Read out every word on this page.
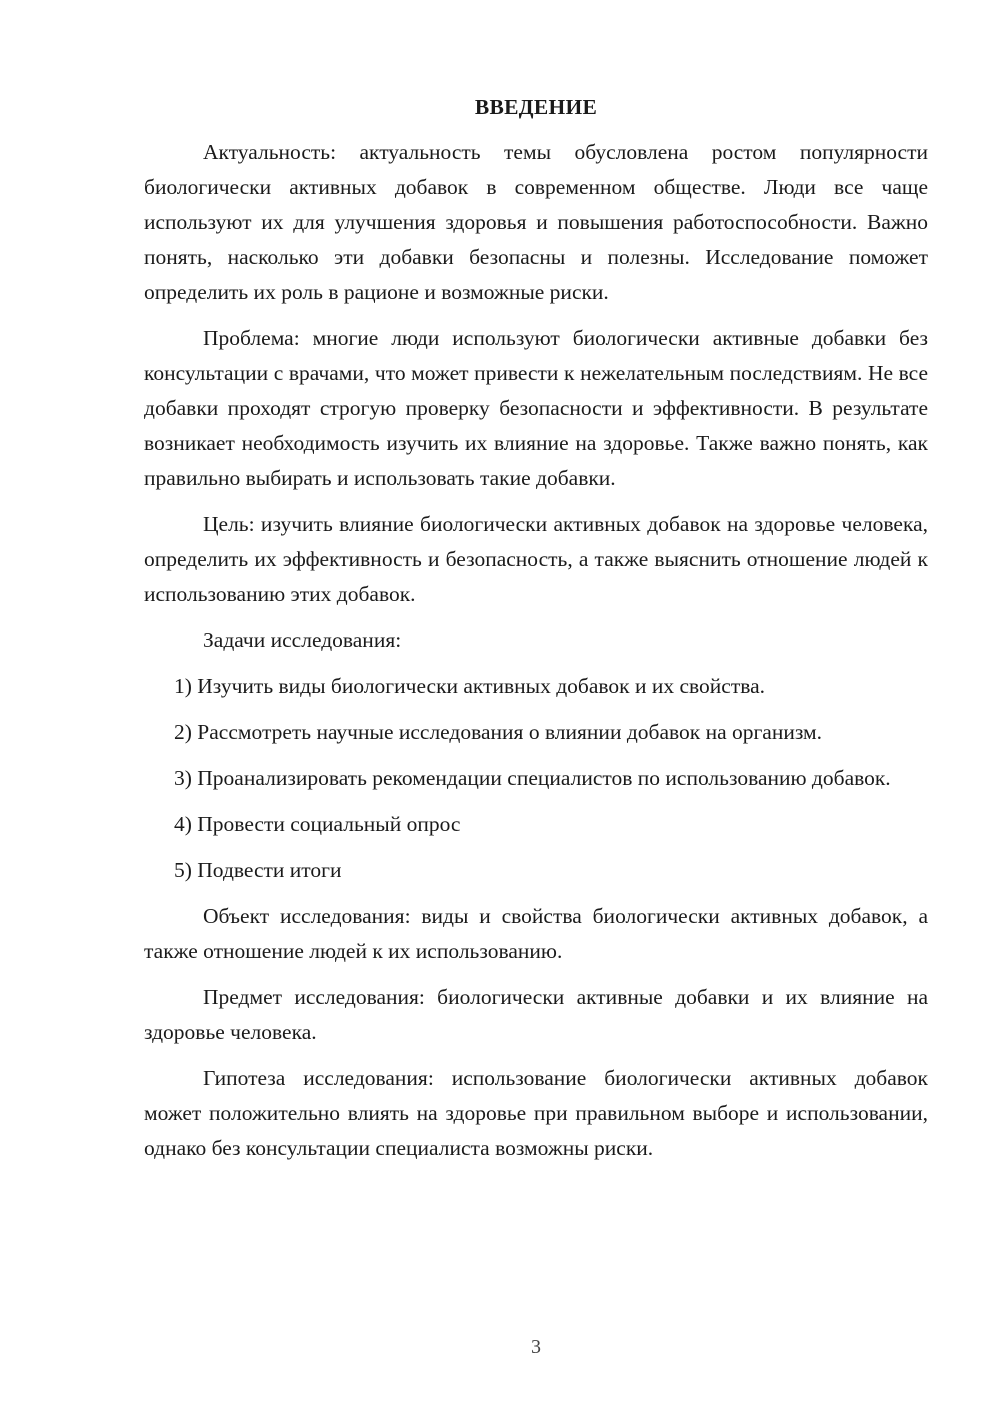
ВВЕДЕНИЕ

Актуальность: актуальность темы обусловлена ростом популярности биологически активных добавок в современном обществе. Люди все чаще используют их для улучшения здоровья и повышения работоспособности. Важно понять, насколько эти добавки безопасны и полезны. Исследование поможет определить их роль в рационе и возможные риски.

Проблема: многие люди используют биологически активные добавки без консультации с врачами, что может привести к нежелательным последствиям. Не все добавки проходят строгую проверку безопасности и эффективности. В результате возникает необходимость изучить их влияние на здоровье. Также важно понять, как правильно выбирать и использовать такие добавки.

Цель: изучить влияние биологически активных добавок на здоровье человека, определить их эффективность и безопасность, а также выяснить отношение людей к использованию этих добавок.

Задачи исследования:

1) Изучить виды биологически активных добавок и их свойства.

2) Рассмотреть научные исследования о влиянии добавок на организм.

3) Проанализировать рекомендации специалистов по использованию добавок.

4) Провести социальный опрос

5) Подвести итоги

Объект исследования: виды и свойства биологически активных добавок, а также отношение людей к их использованию.

Предмет исследования: биологически активные добавки и их влияние на здоровье человека.

Гипотеза исследования: использование биологически активных добавок может положительно влиять на здоровье при правильном выборе и использовании, однако без консультации специалиста возможны риски.

3
